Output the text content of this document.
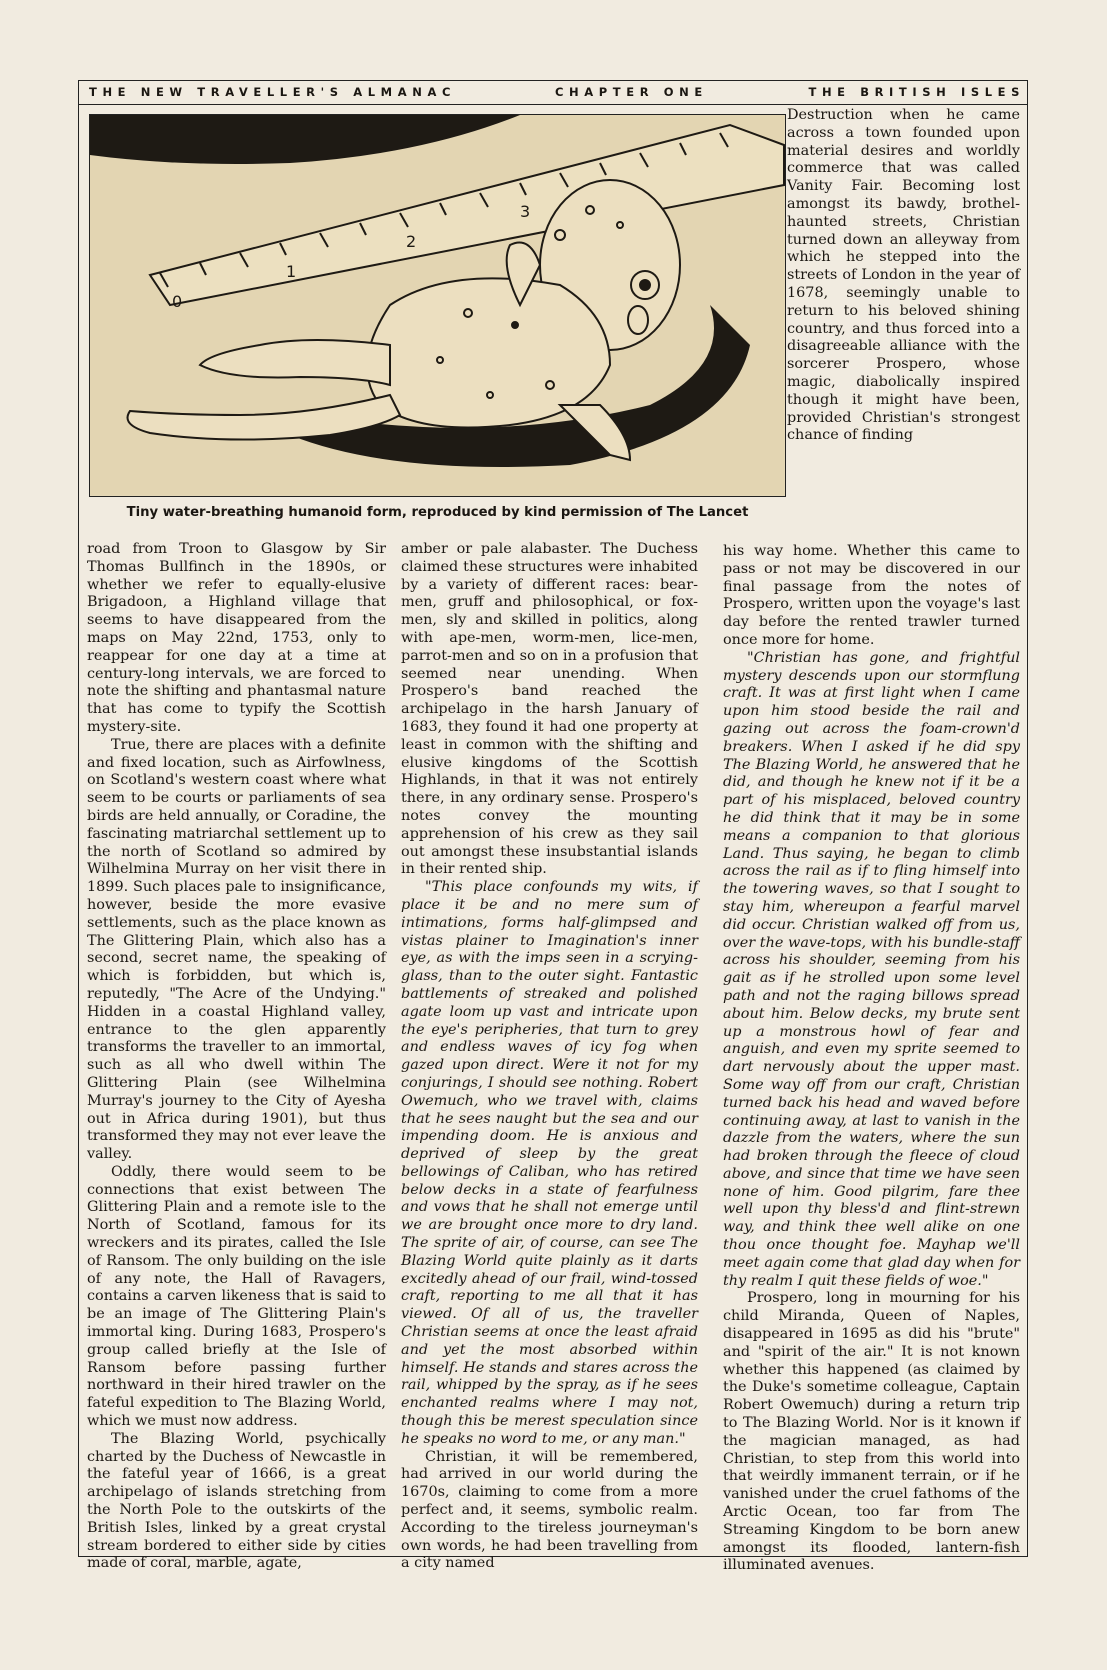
THE NEW TRAVELLER'S ALMANAC	CHAPTER ONE	THE BRITISH ISLES
0
1
2
3
Tiny water-breathing humanoid form, reproduced by kind permission of The Lancet

Destruction when he came across a town founded upon material desires and worldly commerce that was called Vanity Fair. Becoming lost amongst its bawdy, brothel-haunted streets, Christian turned down an alleyway from which he stepped into the streets of London in the year of 1678, seemingly unable to return to his beloved shining country, and thus forced into a disagreeable alliance with the sorcerer Prospero, whose magic, diabolically inspired though it might have been, provided Christian's strongest chance of finding

road from Troon to Glasgow by Sir Thomas Bullfinch in the 1890s, or whether we refer to equally-elusive Brigadoon, a Highland village that seems to have disappeared from the maps on May 22nd, 1753, only to reappear for one day at a time at century-long intervals, we are forced to note the shifting and phantasmal nature that has come to typify the Scottish mystery-site.

True, there are places with a definite and fixed location, such as Airfowlness, on Scotland's western coast where what seem to be courts or parliaments of sea birds are held annually, or Coradine, the fascinating matriarchal settlement up to the north of Scotland so admired by Wilhelmina Murray on her visit there in 1899. Such places pale to insignificance, however, beside the more evasive settlements, such as the place known as The Glittering Plain, which also has a second, secret name, the speaking of which is forbidden, but which is, reputedly, "The Acre of the Undying." Hidden in a coastal Highland valley, entrance to the glen apparently transforms the traveller to an immortal, such as all who dwell within The Glittering Plain (see Wilhelmina Murray's journey to the City of Ayesha out in Africa during 1901), but thus transformed they may not ever leave the valley.

Oddly, there would seem to be connections that exist between The Glittering Plain and a remote isle to the North of Scotland, famous for its wreckers and its pirates, called the Isle of Ransom. The only building on the isle of any note, the Hall of Ravagers, contains a carven likeness that is said to be an image of The Glittering Plain's immortal king. During 1683, Prospero's group called briefly at the Isle of Ransom before passing further northward in their hired trawler on the fateful expedition to The Blazing World, which we must now address.

The Blazing World, psychically charted by the Duchess of Newcastle in the fateful year of 1666, is a great archipelago of islands stretching from the North Pole to the outskirts of the British Isles, linked by a great crystal stream bordered to either side by cities made of coral, marble, agate,

amber or pale alabaster. The Duchess claimed these structures were inhabited by a variety of different races: bear-men, gruff and philosophical, or fox-men, sly and skilled in politics, along with ape-men, worm-men, lice-men, parrot-men and so on in a profusion that seemed near unending. When Prospero's band reached the archipelago in the harsh January of 1683, they found it had one property at least in common with the shifting and elusive kingdoms of the Scottish Highlands, in that it was not entirely there, in any ordinary sense. Prospero's notes convey the mounting apprehension of his crew as they sail out amongst these insubstantial islands in their rented ship.

"This place confounds my wits, if place it be and no mere sum of intimations, forms half-glimpsed and vistas plainer to Imagination's inner eye, as with the imps seen in a scrying-glass, than to the outer sight. Fantastic battlements of streaked and polished agate loom up vast and intricate upon the eye's peripheries, that turn to grey and endless waves of icy fog when gazed upon direct. Were it not for my conjurings, I should see nothing. Robert Owemuch, who we travel with, claims that he sees naught but the sea and our impending doom. He is anxious and deprived of sleep by the great bellowings of Caliban, who has retired below decks in a state of fearfulness and vows that he shall not emerge until we are brought once more to dry land. The sprite of air, of course, can see The Blazing World quite plainly as it darts excitedly ahead of our frail, wind-tossed craft, reporting to me all that it has viewed. Of all of us, the traveller Christian seems at once the least afraid and yet the most absorbed within himself. He stands and stares across the rail, whipped by the spray, as if he sees enchanted realms where I may not, though this be merest speculation since he speaks no word to me, or any man."

Christian, it will be remembered, had arrived in our world during the 1670s, claiming to come from a more perfect and, it seems, symbolic realm. According to the tireless journeyman's own words, he had been travelling from a city named

his way home. Whether this came to pass or not may be discovered in our final passage from the notes of Prospero, written upon the voyage's last day before the rented trawler turned once more for home.

"Christian has gone, and frightful mystery descends upon our stormflung craft. It was at first light when I came upon him stood beside the rail and gazing out across the foam-crown'd breakers. When I asked if he did spy The Blazing World, he answered that he did, and though he knew not if it be a part of his misplaced, beloved country he did think that it may be in some means a companion to that glorious Land. Thus saying, he began to climb across the rail as if to fling himself into the towering waves, so that I sought to stay him, whereupon a fearful marvel did occur. Christian walked off from us, over the wave-tops, with his bundle-staff across his shoulder, seeming from his gait as if he strolled upon some level path and not the raging billows spread about him. Below decks, my brute sent up a monstrous howl of fear and anguish, and even my sprite seemed to dart nervously about the upper mast. Some way off from our craft, Christian turned back his head and waved before continuing away, at last to vanish in the dazzle from the waters, where the sun had broken through the fleece of cloud above, and since that time we have seen none of him. Good pilgrim, fare thee well upon thy bless'd and flint-strewn way, and think thee well alike on one thou once thought foe. Mayhap we'll meet again come that glad day when for thy realm I quit these fields of woe."

Prospero, long in mourning for his child Miranda, Queen of Naples, disappeared in 1695 as did his "brute" and "spirit of the air." It is not known whether this happened (as claimed by the Duke's sometime colleague, Captain Robert Owemuch) during a return trip to The Blazing World. Nor is it known if the magician managed, as had Christian, to step from this world into that weirdly immanent terrain, or if he vanished under the cruel fathoms of the Arctic Ocean, too far from The Streaming Kingdom to be born anew amongst its flooded, lantern-fish illuminated avenues.
